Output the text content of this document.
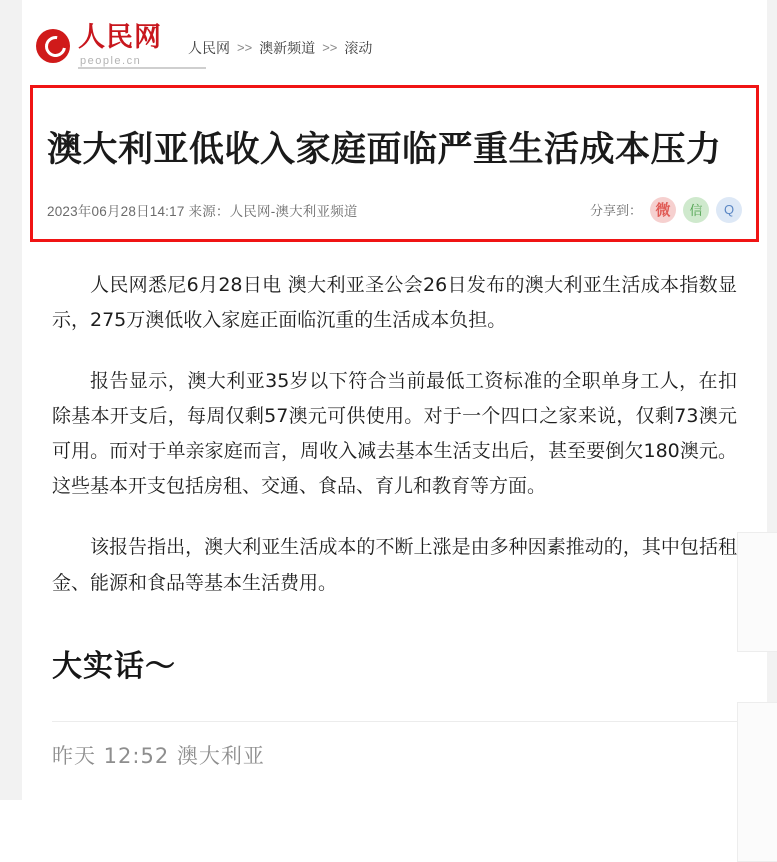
人民网
people.cn
人民网 >> 澳新频道 >> 滚动
澳大利亚低收入家庭面临严重生活成本压力
2023年06月28日14:17 来源：人民网-澳大利亚频道	分享到： 微	信	Q

人民网悉尼6月28日电 澳大利亚圣公会26日发布的澳大利亚生活成本指数显示，275万澳低收入家庭正面临沉重的生活成本负担。

报告显示，澳大利亚35岁以下符合当前最低工资标准的全职单身工人，在扣除基本开支后，每周仅剩57澳元可供使用。对于一个四口之家来说，仅剩73澳元可用。而对于单亲家庭而言，周收入减去基本生活支出后，甚至要倒欠180澳元。这些基本开支包括房租、交通、食品、育儿和教育等方面。

该报告指出，澳大利亚生活成本的不断上涨是由多种因素推动的，其中包括租金、能源和食品等基本生活费用。

大实话～
昨天 12:52 澳大利亚
